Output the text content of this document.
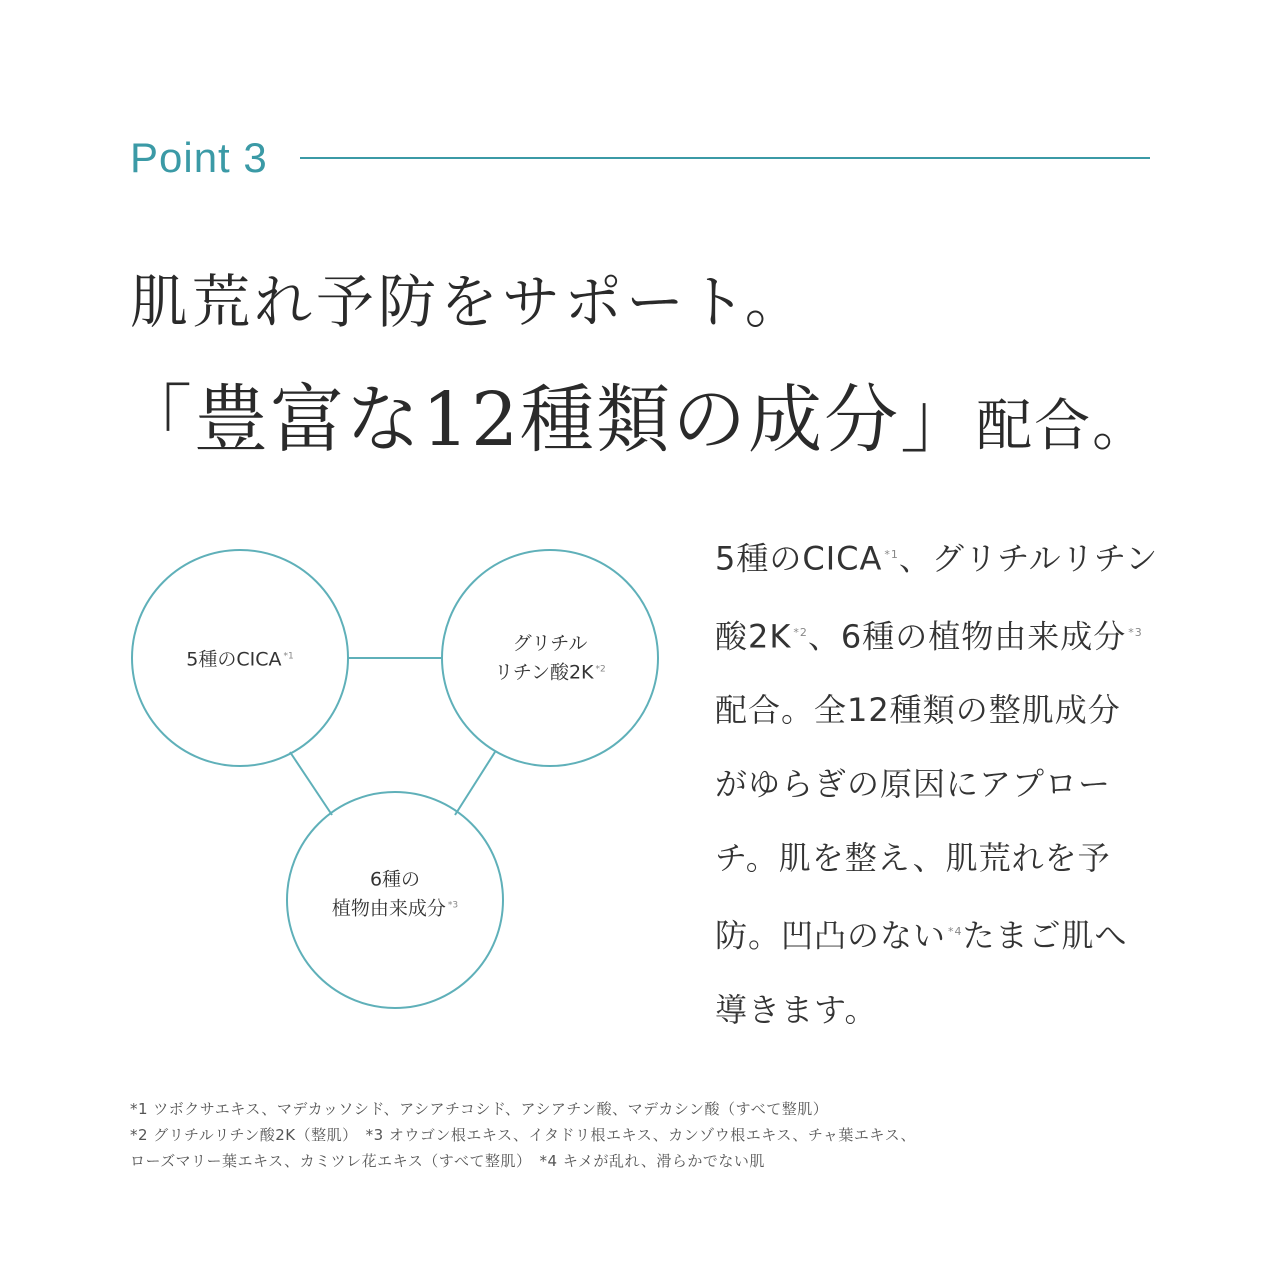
Point 3
肌荒れ予防をサポート。
「豊富な12種類の成分」配合。
5種のCICA $^{*1}$
グリチル
リチン酸2K $^{*2}$
6種の
植物由来成分 $^{*3}$
5種のCICA $^{*1}$、グリチルリチン
酸2K $^{*2}$、6種の植物由来成分 $^{*3}$
配合。全12種類の整肌成分
がゆらぎの原因にアプロー
チ。肌を整え、肌荒れを予
防。凹凸のない $^{*4}$たまご肌へ
導きます。
*1 ツボクサエキス、マデカッソシド、アシアチコシド、アシアチン酸、マデカシン酸（すべて整肌）
*2 グリチルリチン酸2K（整肌）　*3 オウゴン根エキス、イタドリ根エキス、カンゾウ根エキス、チャ葉エキス、
ローズマリー葉エキス、カミツレ花エキス（すべて整肌）　*4 キメが乱れ、滑らかでない肌
